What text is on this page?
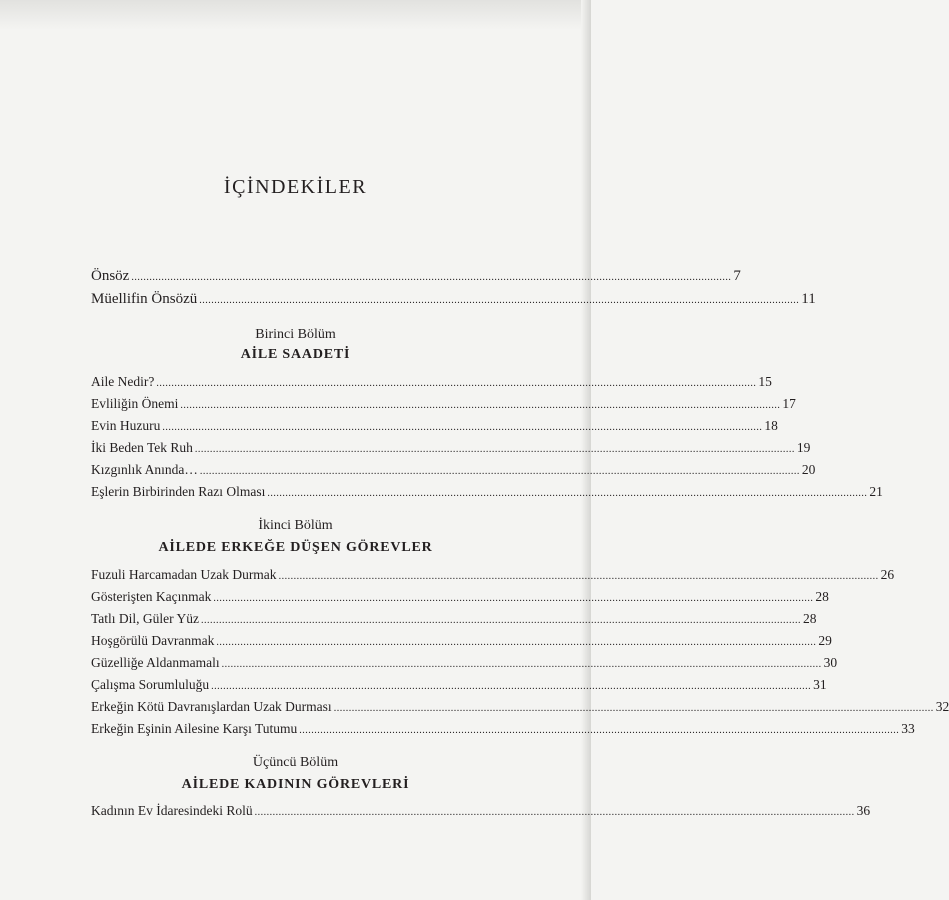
İÇİNDEKİLER
Önsöz ........................................................................................................................................................................................................ 7
Müellifin Önsözü ........................................................................................................................................................................................................ 11
Birinci Bölüm
AİLE SAADETİ
Aile Nedir? ........................................................................................................................................................................................................ 15
Evliliğin Önemi ........................................................................................................................................................................................................ 17
Evin Huzuru ........................................................................................................................................................................................................ 18
İki Beden Tek Ruh ........................................................................................................................................................................................................ 19
Kızgınlık Anında… ........................................................................................................................................................................................................ 20
Eşlerin Birbirinden Razı Olması ........................................................................................................................................................................................................ 21
İkinci Bölüm
AİLEDE ERKEĞE DÜŞEN GÖREVLER
Fuzuli Harcamadan Uzak Durmak ........................................................................................................................................................................................................ 26
Gösterişten Kaçınmak ........................................................................................................................................................................................................ 28
Tatlı Dil, Güler Yüz ........................................................................................................................................................................................................ 28
Hoşgörülü Davranmak ........................................................................................................................................................................................................ 29
Güzelliğe Aldanmamalı ........................................................................................................................................................................................................ 30
Çalışma Sorumluluğu ........................................................................................................................................................................................................ 31
Erkeğin Kötü Davranışlardan Uzak Durması ........................................................................................................................................................................................................ 32
Erkeğin Eşinin Ailesine Karşı Tutumu ........................................................................................................................................................................................................ 33
Üçüncü Bölüm
AİLEDE KADININ GÖREVLERİ
Kadının Ev İdaresindeki Rolü ........................................................................................................................................................................................................ 36
